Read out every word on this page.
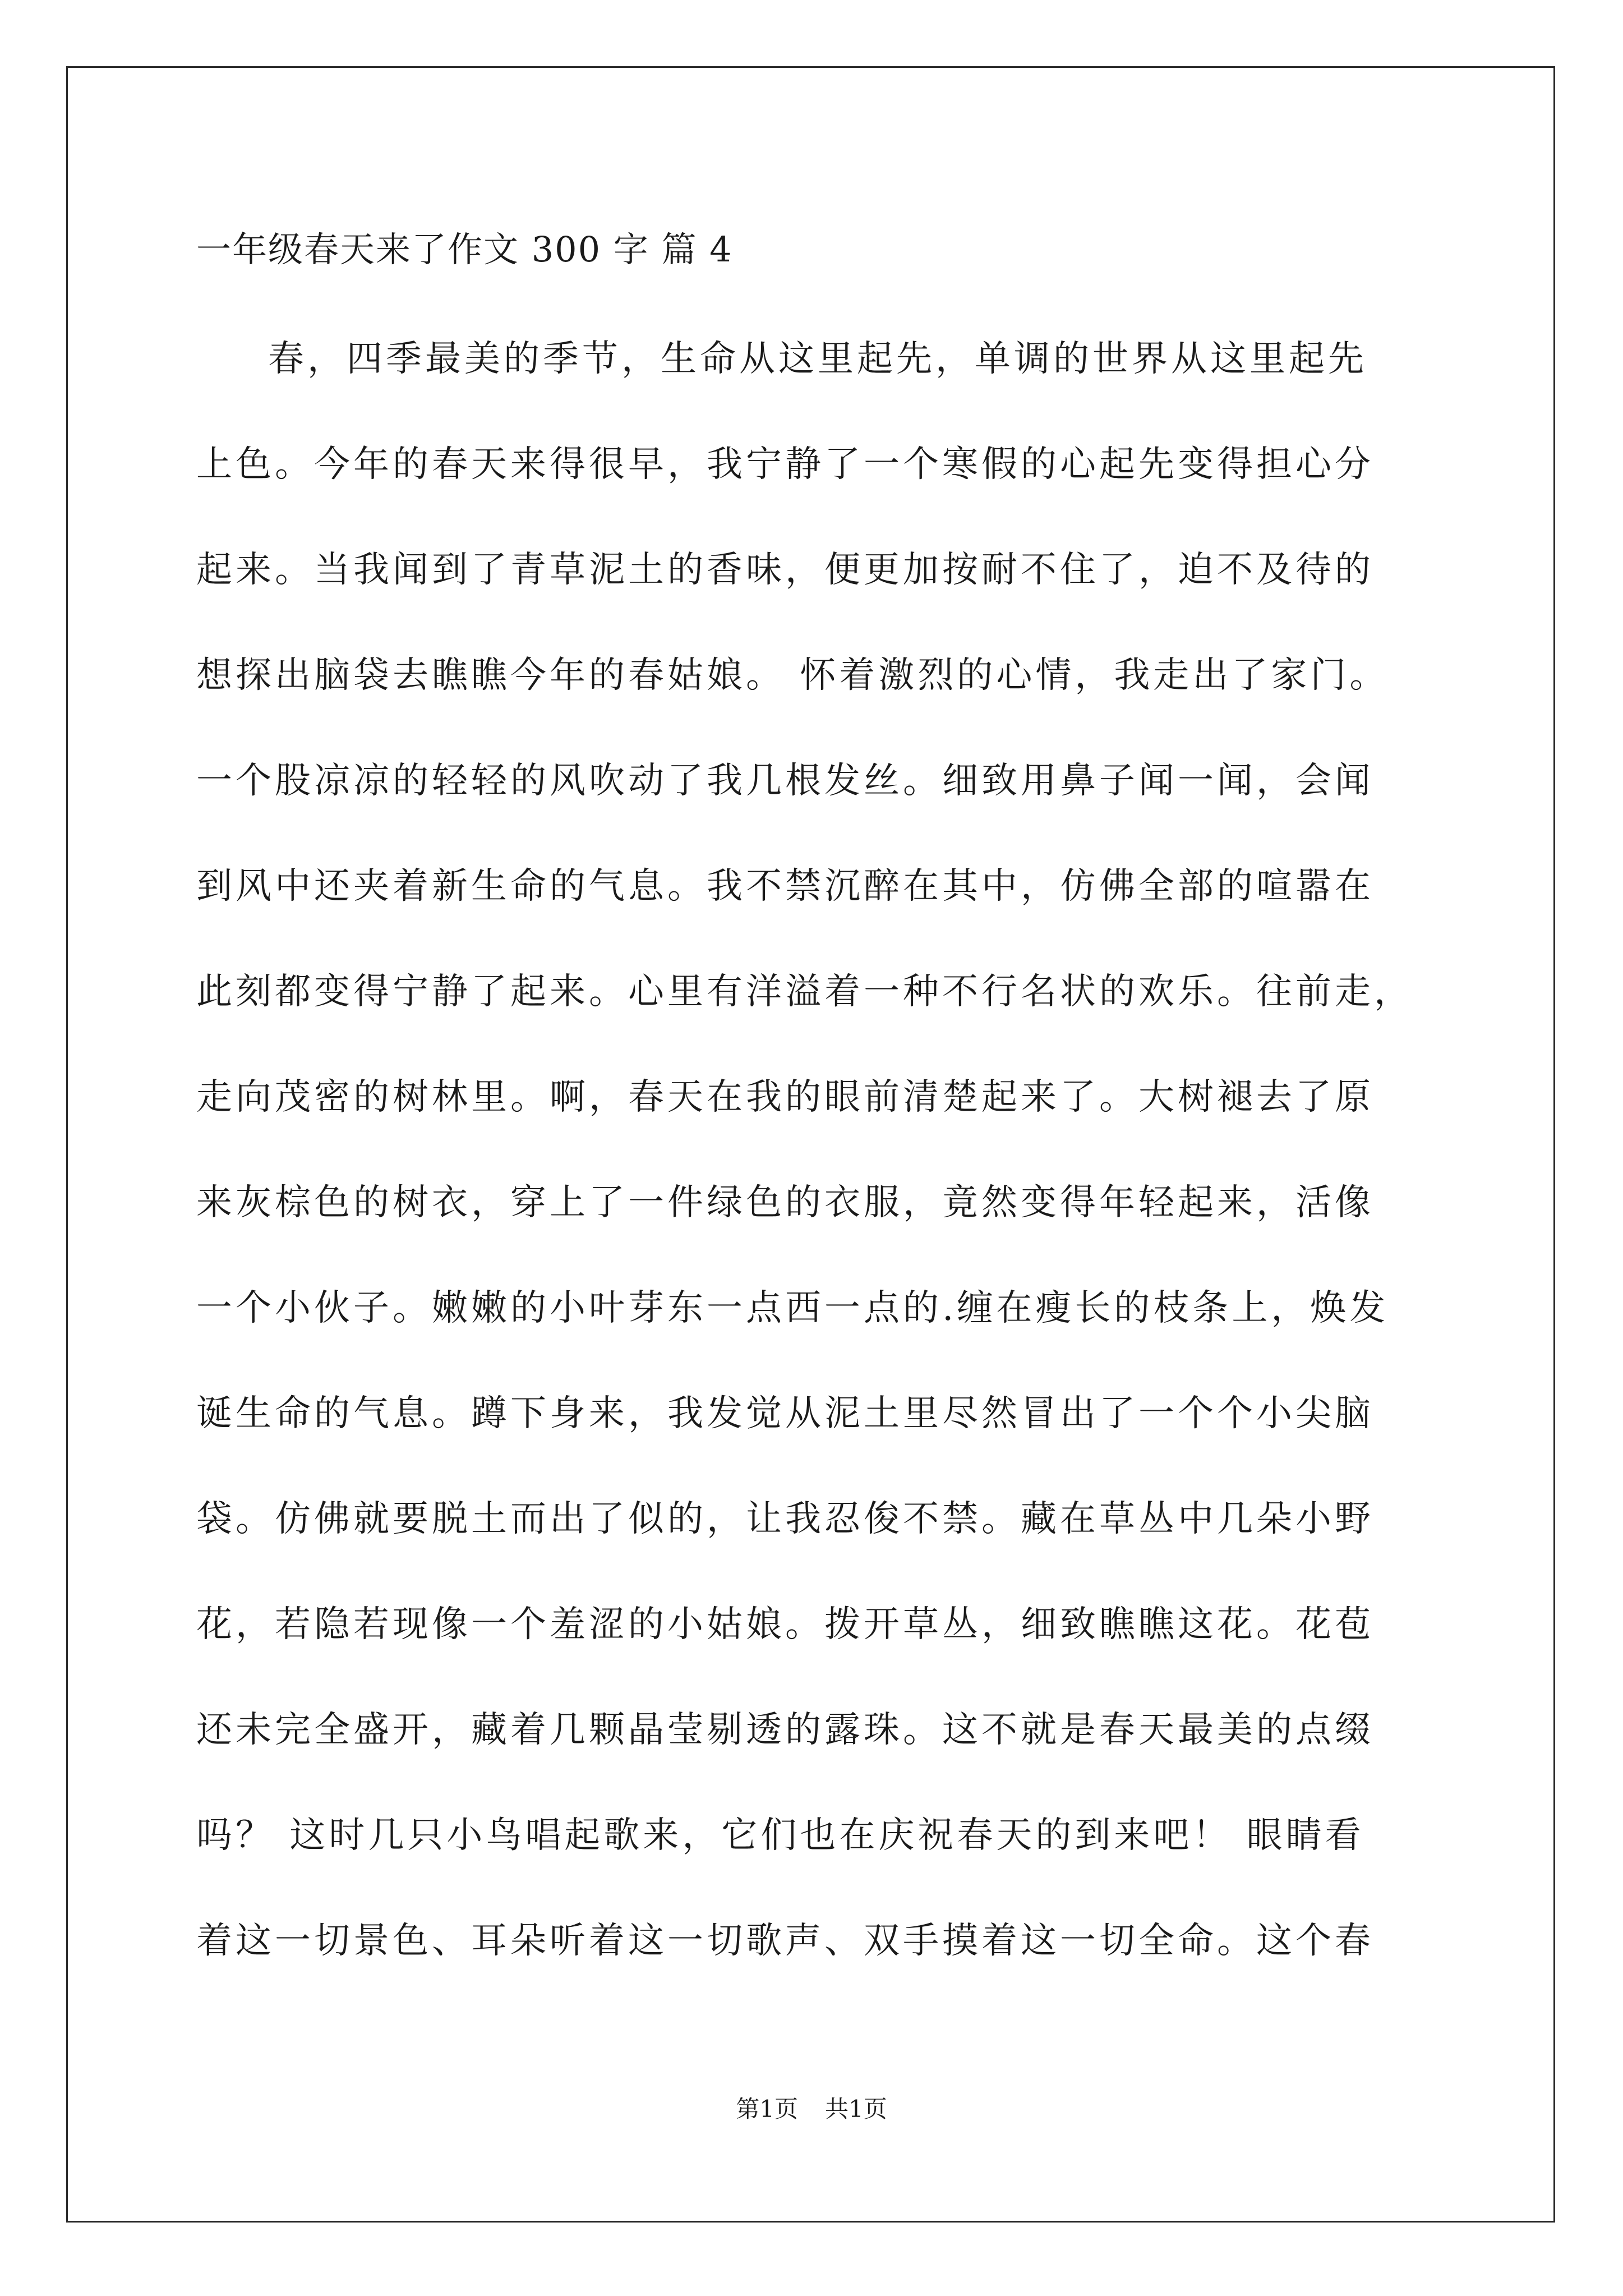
一年级春天来了作文 300 字 篇 4
春，四季最美的季节，生命从这里起先，单调的世界从这里起先
上色。今年的春天来得很早，我宁静了一个寒假的心起先变得担心分
起来。当我闻到了青草泥土的香味，便更加按耐不住了，迫不及待的
想探出脑袋去瞧瞧今年的春姑娘。 怀着激烈的心情，我走出了家门。
一个股凉凉的轻轻的风吹动了我几根发丝。细致用鼻子闻一闻，会闻
到风中还夹着新生命的气息。我不禁沉醉在其中，仿佛全部的喧嚣在
此刻都变得宁静了起来。心里有洋溢着一种不行名状的欢乐。往前走，
走向茂密的树林里。啊，春天在我的眼前清楚起来了。大树褪去了原
来灰棕色的树衣，穿上了一件绿色的衣服，竟然变得年轻起来，活像
一个小伙子。嫩嫩的小叶芽东一点西一点的.缠在瘦长的枝条上，焕发
诞生命的气息。蹲下身来，我发觉从泥土里尽然冒出了一个个小尖脑
袋。仿佛就要脱土而出了似的，让我忍俊不禁。藏在草丛中几朵小野
花，若隐若现像一个羞涩的小姑娘。拨开草丛，细致瞧瞧这花。花苞
还未完全盛开，藏着几颗晶莹剔透的露珠。这不就是春天最美的点缀
吗？ 这时几只小鸟唱起歌来，它们也在庆祝春天的到来吧！ 眼睛看
着这一切景色、耳朵听着这一切歌声、双手摸着这一切全命。这个春
第1页 共1页
